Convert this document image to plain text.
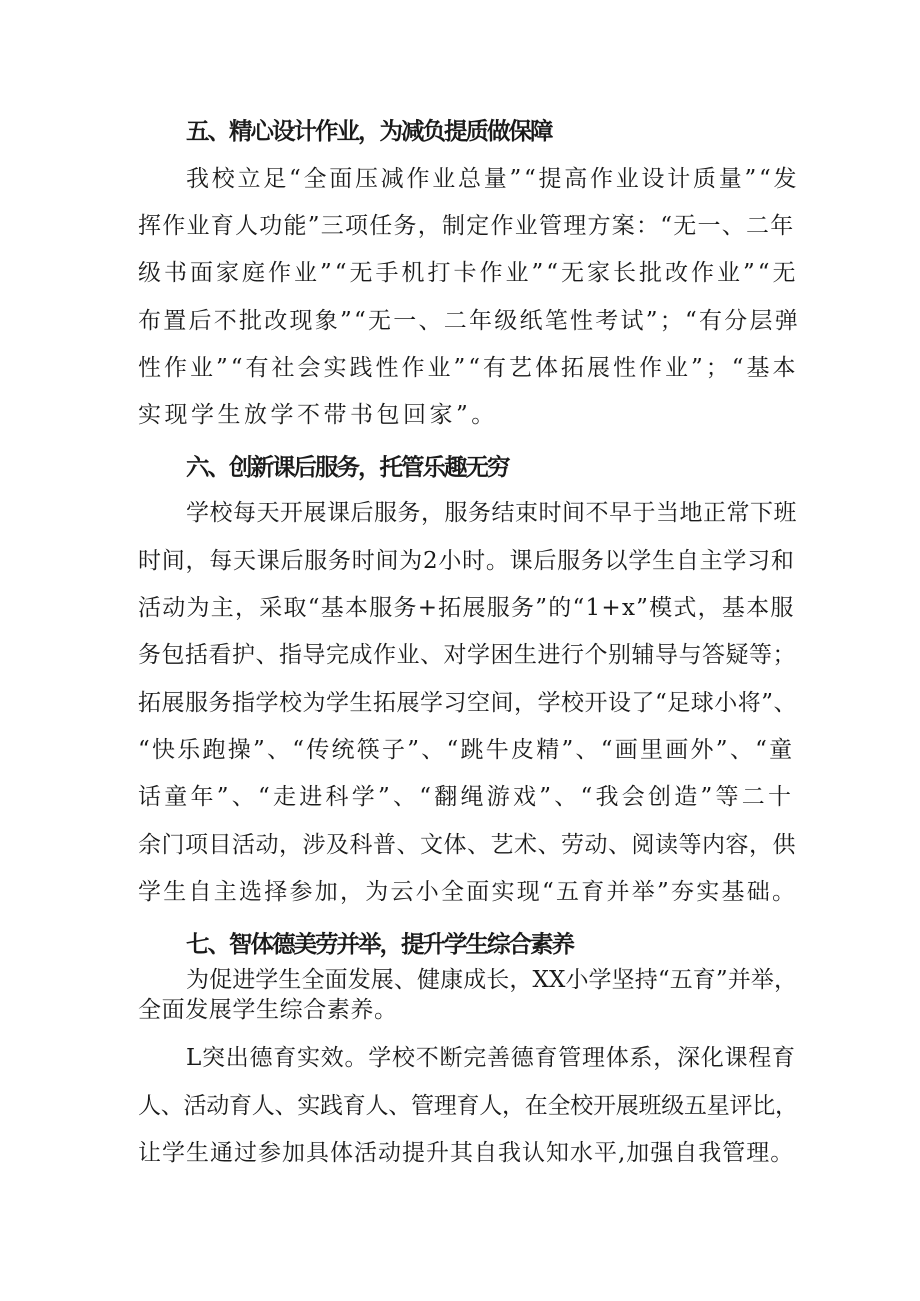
五、精心设计作业，为减负提质做保障
我校立足“全面压减作业总量”“提高作业设计质量”“发
挥作业育人功能”三项任务，制定作业管理方案：“无一、二年
级书面家庭作业”“无手机打卡作业”“无家长批改作业”“无
布置后不批改现象”“无一、二年级纸笔性考试”；“有分层弹
性作业”“有社会实践性作业”“有艺体拓展性作业”；“基本
实现学生放学不带书包回家”。
六、创新课后服务，托管乐趣无穷
学校每天开展课后服务，服务结束时间不早于当地正常下班
时间，每天课后服务时间为2小时。课后服务以学生自主学习和
活动为主，采取“基本服务+拓展服务”的“1+x”模式，基本服
务包括看护、指导完成作业、对学困生进行个别辅导与答疑等；
拓展服务指学校为学生拓展学习空间，学校开设了“足球小将”、
“快乐跑操”、“传统筷子”、“跳牛皮精”、“画里画外”、“童
话童年”、“走进科学”、“翻绳游戏”、“我会创造”等二十
余门项目活动，涉及科普、文体、艺术、劳动、阅读等内容，供
学生自主选择参加，为云小全面实现“五育并举”夯实基础。
七、智体德美劳并举，提升学生综合素养
为促进学生全面发展、健康成长，XX小学坚持“五育”并举，
全面发展学生综合素养。
L突出德育实效。学校不断完善德育管理体系，深化课程育
人、活动育人、实践育人、管理育人，在全校开展班级五星评比，
让学生通过参加具体活动提升其自我认知水平,加强自我管理。
